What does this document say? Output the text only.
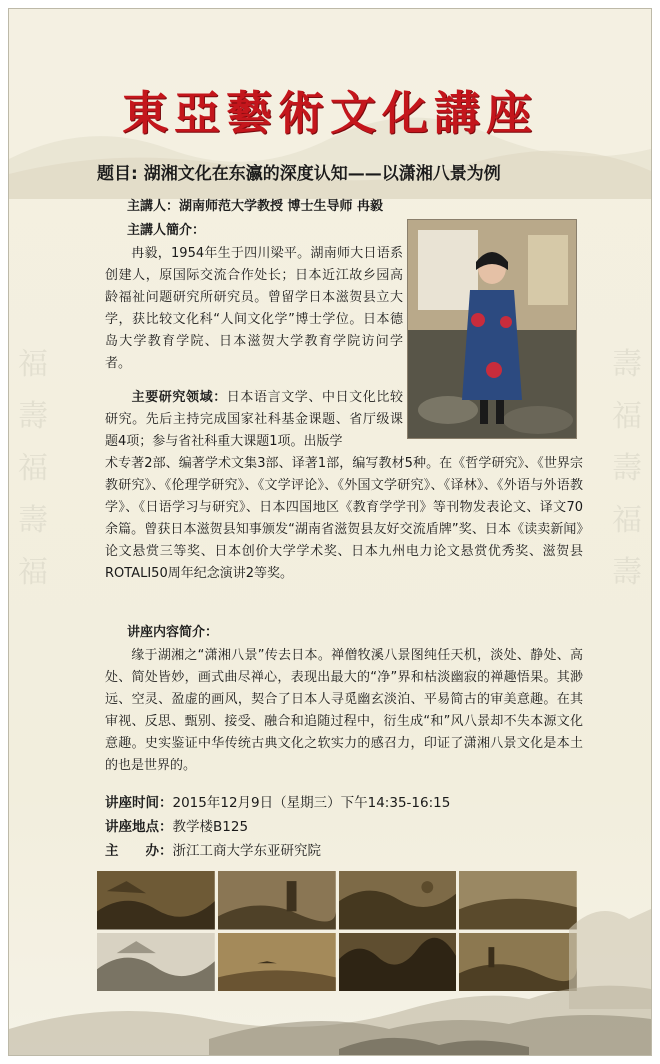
福
壽
福
壽
福
壽
福
壽
福
壽
東亞藝術文化講座
题目: 湖湘文化在东瀛的深度认知——以潇湘八景为例
主講人：湖南师范大学教授 博士生导师 冉毅
主講人簡介：
冉毅，1954年生于四川梁平。湖南师大日语系创建人，原国际交流合作处长；日本近江故乡园高龄福祉问题研究所研究员。曾留学日本滋贺县立大学，获比较文化科“人间文化学”博士学位。日本德岛大学教育学院、日本滋贺大学教育学院访问学者。
主要研究领域：日本语言文学、中日文化比较研究。先后主持完成国家社科基金课题、省厅级课题4项；参与省社科重大课题1项。出版学
术专著2部、编著学术文集3部、译著1部，编写教材5种。在《哲学研究》、《世界宗教研究》、《伦理学研究》、《文学评论》、《外国文学研究》、《译林》、《外语与外语教学》、《日语学习与研究》、日本四国地区《教育学学刊》等刊物发表论文、译文70余篇。曾获日本滋贺县知事颁发“湖南省滋贺县友好交流盾牌”奖、日本《读卖新闻》论文悬赏三等奖、日本创价大学学术奖、日本九州电力论文悬赏优秀奖、滋贺县ROTALI50周年纪念演讲2等奖。
讲座内容简介：
缘于湖湘之“潇湘八景”传去日本。禅僧牧溪八景图纯任天机，淡处、静处、高处、简处皆妙，画式曲尽禅心，表现出最大的“净”界和枯淡幽寂的禅趣悟果。其渺远、空灵、盈虚的画风，契合了日本人寻觅幽玄淡泊、平易简古的审美意趣。在其审视、反思、甄别、接受、融合和追随过程中，衍生成“和”风八景却不失本源文化意趣。史实鉴证中华传统古典文化之软实力的感召力，印证了潇湘八景文化是本土的也是世界的。
讲座时间：2015年12月9日（星期三）下午14:35-16:15
讲座地点：教学楼B125
主　　办：浙江工商大学东亚研究院
